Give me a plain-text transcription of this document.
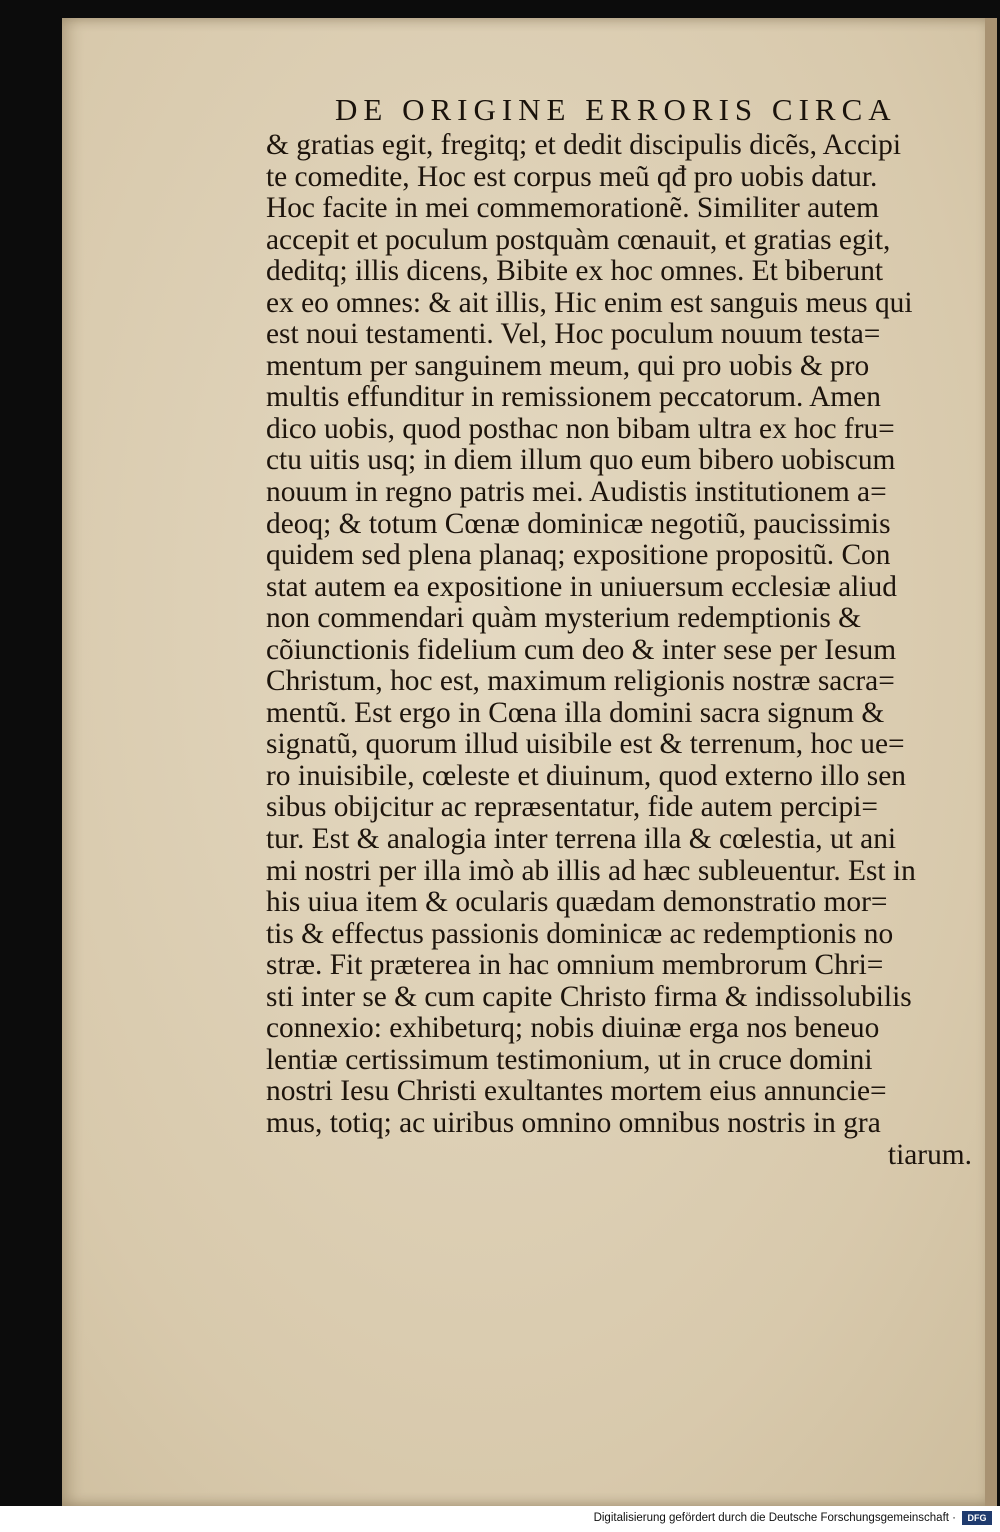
DE ORIGINE ERRORIS CIRCA
& gratias egit, fregitq; et dedit discipulis dicẽs, Accipi
te comedite, Hoc est corpus meũ qđ pro uobis datur.
Hoc facite in mei commemorationẽ. Similiter autem
accepit et poculum postquàm cœnauit, et gratias egit,
deditq; illis dicens, Bibite ex hoc omnes. Et biberunt
ex eo omnes: & ait illis, Hic enim est sanguis meus qui
est noui testamenti. Vel, Hoc poculum nouum testa=
mentum per sanguinem meum, qui pro uobis & pro
multis effunditur in remissionem peccatorum. Amen
dico uobis, quod posthac non bibam ultra ex hoc fru=
ctu uitis usq; in diem illum quo eum bibero uobiscum
nouum in regno patris mei. Audistis institutionem a=
deoq; & totum Cœnæ dominicæ negotiũ, paucissimis
quidem sed plena planaq; expositione propositũ. Con
stat autem ea expositione in uniuersum ecclesiæ aliud
non commendari quàm mysterium redemptionis &
cõiunctionis fidelium cum deo & inter sese per Iesum
Christum, hoc est, maximum religionis nostræ sacra=
mentũ. Est ergo in Cœna illa domini sacra signum &
signatũ, quorum illud uisibile est & terrenum, hoc ue=
ro inuisibile, cœleste et diuinum, quod externo illo sen
sibus obijcitur ac repræsentatur, fide autem percipi=
tur. Est & analogia inter terrena illa & cœlestia, ut ani
mi nostri per illa imò ab illis ad hæc subleuentur. Est in
his uiua item & ocularis quædam demonstratio mor=
tis & effectus passionis dominicæ ac redemptionis no
stræ. Fit præterea in hac omnium membrorum Chri=
sti inter se & cum capite Christo firma & indissolubilis
connexio: exhibeturq; nobis diuinæ erga nos beneuo
lentiæ certissimum testimonium, ut in cruce domini
nostri Iesu Christi exultantes mortem eius annuncie=
mus, totiq; ac uiribus omnino omnibus nostris in gra
tiarum.
Digitalisierung gefördert durch die Deutsche Forschungsgemeinschaft ·	DFG
